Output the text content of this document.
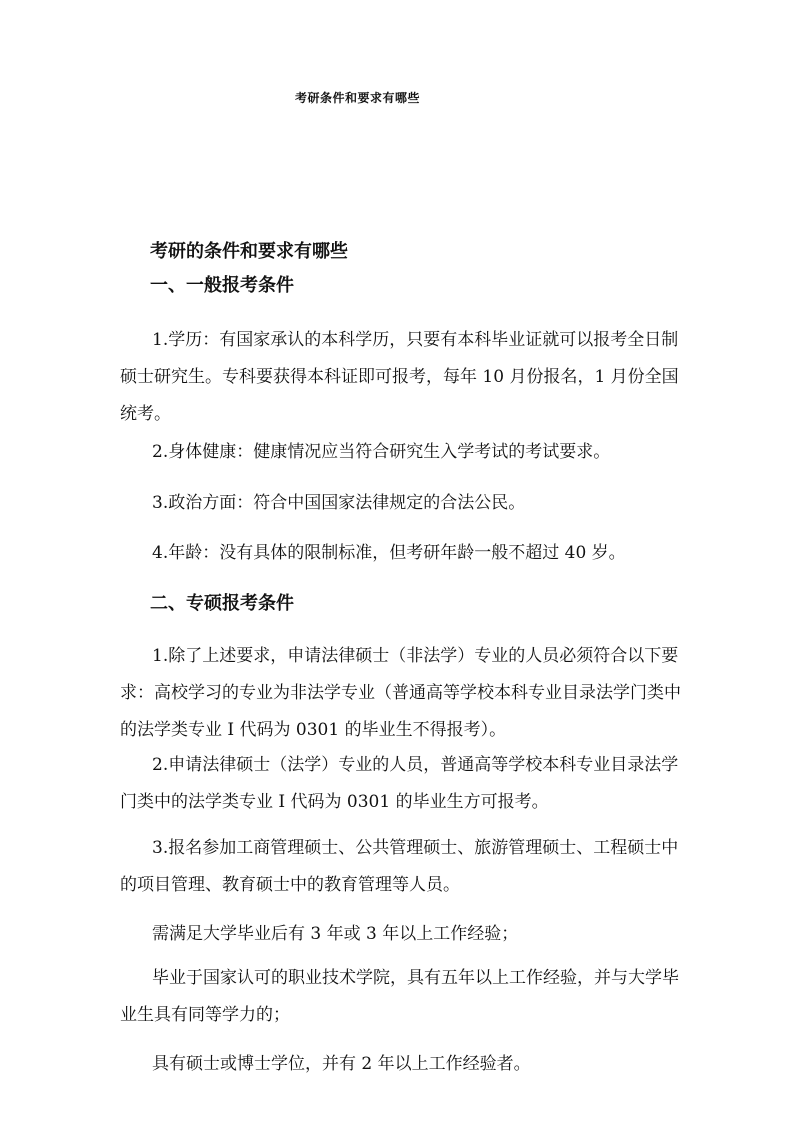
考研条件和要求有哪些
考研的条件和要求有哪些
一、一般报考条件
1.学历：有国家承认的本科学历，只要有本科毕业证就可以报考全日制硕士研究生。专科要获得本科证即可报考，每年 10 月份报名，1 月份全国统考。
2.身体健康：健康情况应当符合研究生入学考试的考试要求。
3.政治方面：符合中国国家法律规定的合法公民。
4.年龄：没有具体的限制标准，但考研年龄一般不超过 40 岁。
二、专硕报考条件
1.除了上述要求，申请法律硕士（非法学）专业的人员必须符合以下要求：高校学习的专业为非法学专业（普通高等学校本科专业目录法学门类中的法学类专业 I 代码为 0301 的毕业生不得报考）。
2.申请法律硕士（法学）专业的人员，普通高等学校本科专业目录法学门类中的法学类专业 I 代码为 0301 的毕业生方可报考。
3.报名参加工商管理硕士、公共管理硕士、旅游管理硕士、工程硕士中的项目管理、教育硕士中的教育管理等人员。
需满足大学毕业后有 3 年或 3 年以上工作经验；
毕业于国家认可的职业技术学院，具有五年以上工作经验，并与大学毕业生具有同等学力的；
具有硕士或博士学位，并有 2 年以上工作经验者。
